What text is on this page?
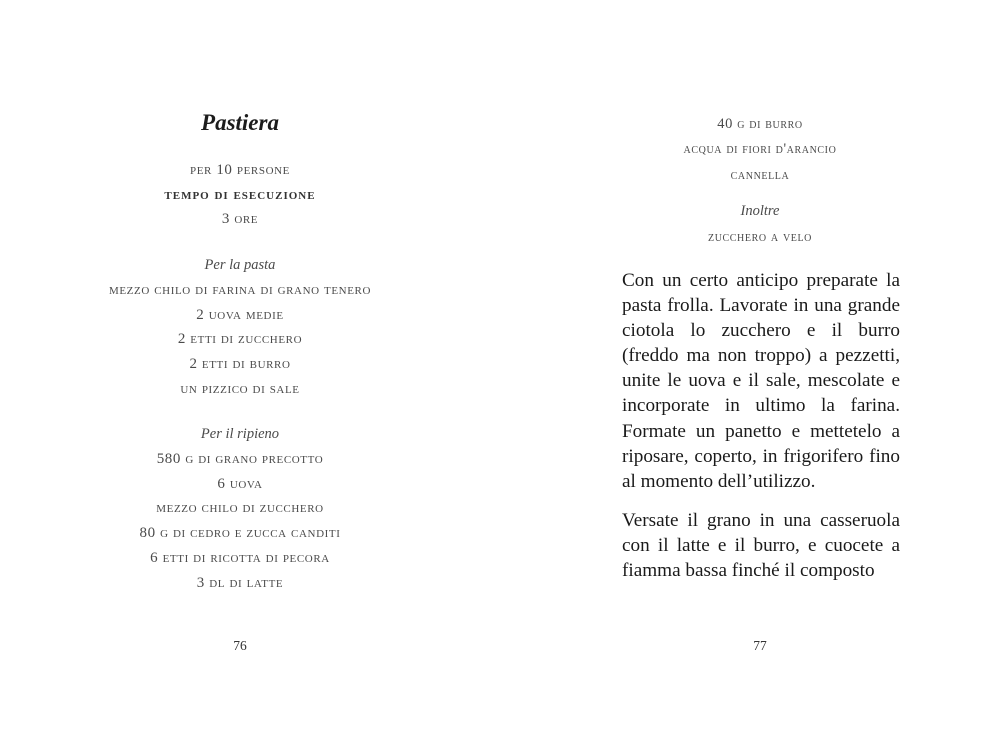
Pastiera

per 10 persone

tempo di esecuzione

3 ore

Per la pasta

mezzo chilo di farina di grano tenero
2 uova medie
2 etti di zucchero
2 etti di burro
un pizzico di sale

Per il ripieno

580 g di grano precotto
6 uova
mezzo chilo di zucchero
80 g di cedro e zucca canditi
6 etti di ricotta di pecora
3 dl di latte
76
40 g di burro
acqua di fiori d'arancio
cannella

Inoltre

zucchero a velo

Con un certo anticipo preparate la pasta frolla. Lavorate in una grande ciotola lo zucchero e il burro (freddo ma non troppo) a pezzetti, unite le uova e il sale, mescolate e incorporate in ultimo la farina. Formate un panetto e mettetelo a riposare, coperto, in frigorifero fino al momento dell’utilizzo.

Versate il grano in una casseruola con il latte e il burro, e cuocete a fiamma bassa finché il composto

77
